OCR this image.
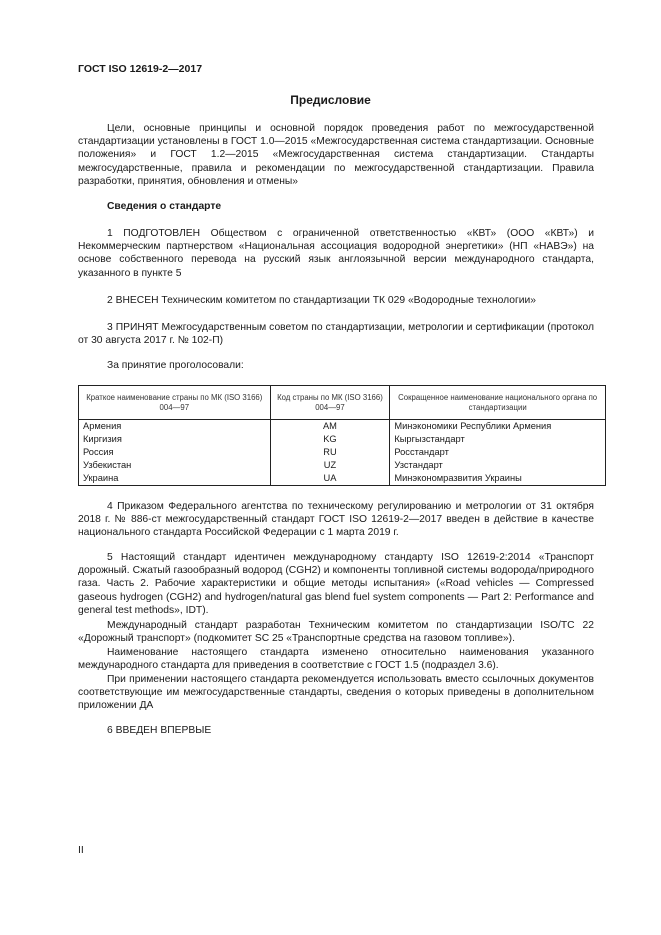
ГОСТ ISO 12619-2—2017
Предисловие

Цели, основные принципы и основной порядок проведения работ по межгосударственной стандартизации установлены в ГОСТ 1.0—2015 «Межгосударственная система стандартизации. Основные положения» и ГОСТ 1.2—2015 «Межгосударственная система стандартизации. Стандарты межгосударственные, правила и рекомендации по межгосударственной стандартизации. Правила разработки, принятия, обновления и отмены»

Сведения о стандарте

1 ПОДГОТОВЛЕН Обществом с ограниченной ответственностью «КВТ» (ООО «КВТ») и Некоммерческим партнерством «Национальная ассоциация водородной энергетики» (НП «НАВЭ») на основе собственного перевода на русский язык англоязычной версии международного стандарта, указанного в пункте 5

2 ВНЕСЕН Техническим комитетом по стандартизации ТК 029 «Водородные технологии»

3 ПРИНЯТ Межгосударственным советом по стандартизации, метрологии и сертификации (протокол от 30 августа 2017 г. № 102-П)

За принятие проголосовали:
Краткое наименование страны по МК (ISO 3166) 004—97	Код страны по МК (ISO 3166) 004—97	Сокращенное наименование национального органа по стандартизации
Армения	AM	Минэкономики Республики Армения
Киргизия	KG	Кыргызстандарт
Россия	RU	Росстандарт
Узбекистан	UZ	Узстандарт
Украина	UA	Минэкономразвития Украины

4 Приказом Федерального агентства по техническому регулированию и метрологии от 31 октября 2018 г. № 886-ст межгосударственный стандарт ГОСТ ISO 12619-2—2017 введен в действие в качестве национального стандарта Российской Федерации с 1 марта 2019 г.

5 Настоящий стандарт идентичен международному стандарту ISO 12619-2:2014 «Транспорт дорожный. Сжатый газообразный водород (CGH2) и компоненты топливной системы водорода/природного газа. Часть 2. Рабочие характеристики и общие методы испытания» («Road vehicles — Compressed gaseous hydrogen (CGH2) and hydrogen/natural gas blend fuel system components — Part 2: Performance and general test methods», IDT).

Международный стандарт разработан Техническим комитетом по стандартизации ISO/TC 22 «Дорожный транспорт» (подкомитет SC 25 «Транспортные средства на газовом топливе»).

Наименование настоящего стандарта изменено относительно наименования указанного международного стандарта для приведения в соответствие с ГОСТ 1.5 (подраздел 3.6).

При применении настоящего стандарта рекомендуется использовать вместо ссылочных документов соответствующие им межгосударственные стандарты, сведения о которых приведены в дополнительном приложении ДА

6 ВВЕДЕН ВПЕРВЫЕ

II
